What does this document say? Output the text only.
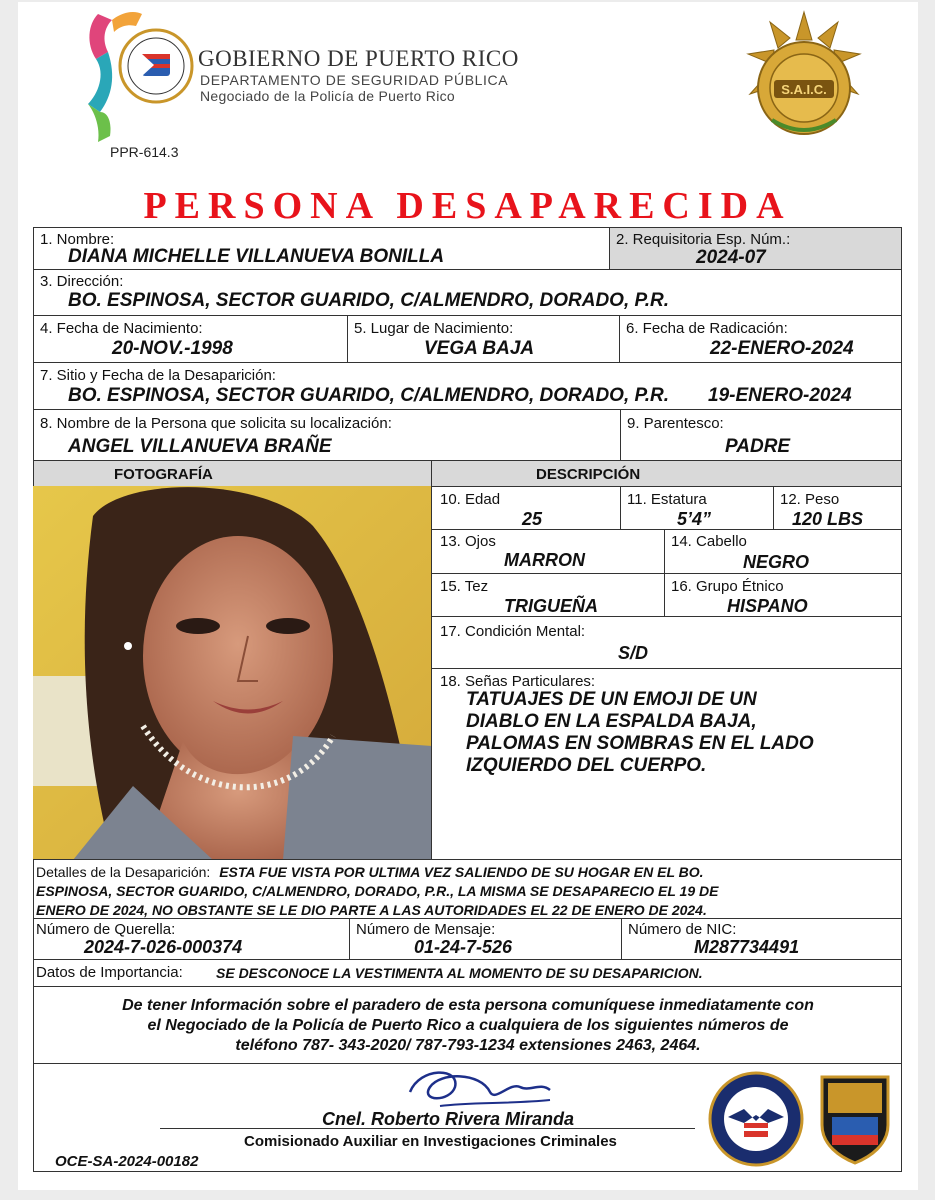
GOBIERNO DE PUERTO RICO
DEPARTAMENTO DE SEGURIDAD PÚBLICA
Negociado de la Policía de Puerto Rico
PPR-614.3
S.A.I.C.
PERSONA DESAPARECIDA
1. Nombre:
DIANA MICHELLE VILLANUEVA BONILLA
2. Requisitoria Esp. Núm.:
2024-07
3. Dirección:
BO. ESPINOSA, SECTOR GUARIDO, C/ALMENDRO, DORADO, P.R.
4. Fecha de Nacimiento:
20-NOV.-1998
5. Lugar de Nacimiento:
VEGA BAJA
6. Fecha de Radicación:
22-ENERO-2024
7. Sitio y Fecha de la Desaparición:
BO. ESPINOSA, SECTOR GUARIDO, C/ALMENDRO, DORADO, P.R. 19-ENERO-2024
8. Nombre de la Persona que solicita su localización:
ANGEL VILLANUEVA BRAÑE
9. Parentesco:
PADRE
FOTOGRAFÍA	DESCRIPCIÓN
10. Edad
25
11. Estatura
5’4”
12. Peso
120 LBS
13. Ojos
MARRON
14. Cabello
NEGRO
15. Tez
TRIGUEÑA
16. Grupo Étnico
HISPANO
17. Condición Mental:
S/D
18. Señas Particulares:
TATUAJES DE UN EMOJI DE UN
DIABLO EN LA ESPALDA BAJA,
PALOMAS EN SOMBRAS EN EL LADO
IZQUIERDO DEL CUERPO.
Detalles de la Desaparición: ESTA FUE VISTA POR ULTIMA VEZ SALIENDO DE SU HOGAR EN EL BO.
ESPINOSA, SECTOR GUARIDO, C/ALMENDRO, DORADO, P.R., LA MISMA SE DESAPARECIO EL 19 DE
ENERO DE 2024, NO OBSTANTE SE LE DIO PARTE A LAS AUTORIDADES EL 22 DE ENERO DE 2024.
Número de Querella:
2024-7-026-000374
Número de Mensaje:
01-24-7-526
Número de NIC:
M287734491
Datos de Importancia: SE DESCONOCE LA VESTIMENTA AL MOMENTO DE SU DESAPARICION.
De tener Información sobre el paradero de esta persona comuníquese inmediatamente con
el Negociado de la Policía de Puerto Rico a cualquiera de los siguientes números de
teléfono 787- 343-2020/ 787-793-1234 extensiones 2463, 2464.
Cnel. Roberto Rivera Miranda
Comisionado Auxiliar en Investigaciones Criminales
OCE-SA-2024-00182
